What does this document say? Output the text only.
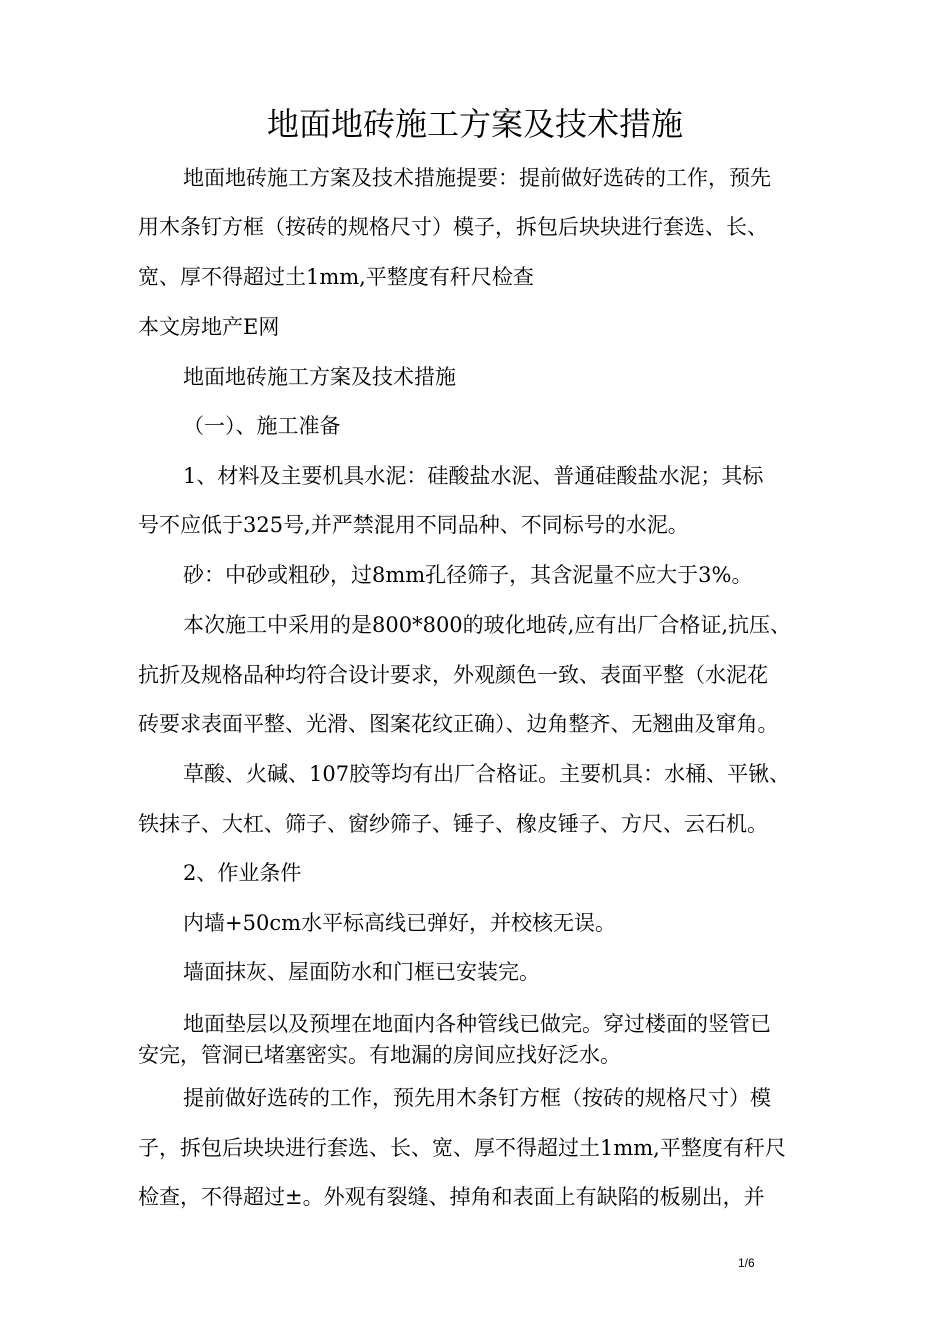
地面地砖施工方案及技术措施
地面地砖施工方案及技术措施提要：提前做好选砖的工作，预先
用木条钉方框（按砖的规格尺寸）模子，拆包后块块进行套选、长、
宽、厚不得超过土1mm,平整度有秆尺检查
本文房地产E网
地面地砖施工方案及技术措施
（一）、施工准备
1、材料及主要机具水泥：硅酸盐水泥、普通硅酸盐水泥；其标
号不应低于325号,并严禁混用不同品种、不同标号的水泥。
砂：中砂或粗砂，过8mm孔径筛子，其含泥量不应大于3%。
本次施工中采用的是800*800的玻化地砖,应有出厂合格证,抗压、
抗折及规格品种均符合设计要求，外观颜色一致、表面平整（水泥花
砖要求表面平整、光滑、图案花纹正确）、边角整齐、无翘曲及窜角。
草酸、火碱、107胶等均有出厂合格证。主要机具：水桶、平锹、
铁抹子、大杠、筛子、窗纱筛子、锤子、橡皮锤子、方尺、云石机。
2、作业条件
内墙+50cm水平标高线已弹好，并校核无误。
墙面抹灰、屋面防水和门框已安装完。
地面垫层以及预埋在地面内各种管线已做完。穿过楼面的竖管已
安完，管洞已堵塞密实。有地漏的房间应找好泛水。
提前做好选砖的工作，预先用木条钉方框（按砖的规格尺寸）模
子，拆包后块块进行套选、长、宽、厚不得超过土1mm,平整度有秆尺
检查，不得超过±。外观有裂缝、掉角和表面上有缺陷的板剔出，并
1/6
